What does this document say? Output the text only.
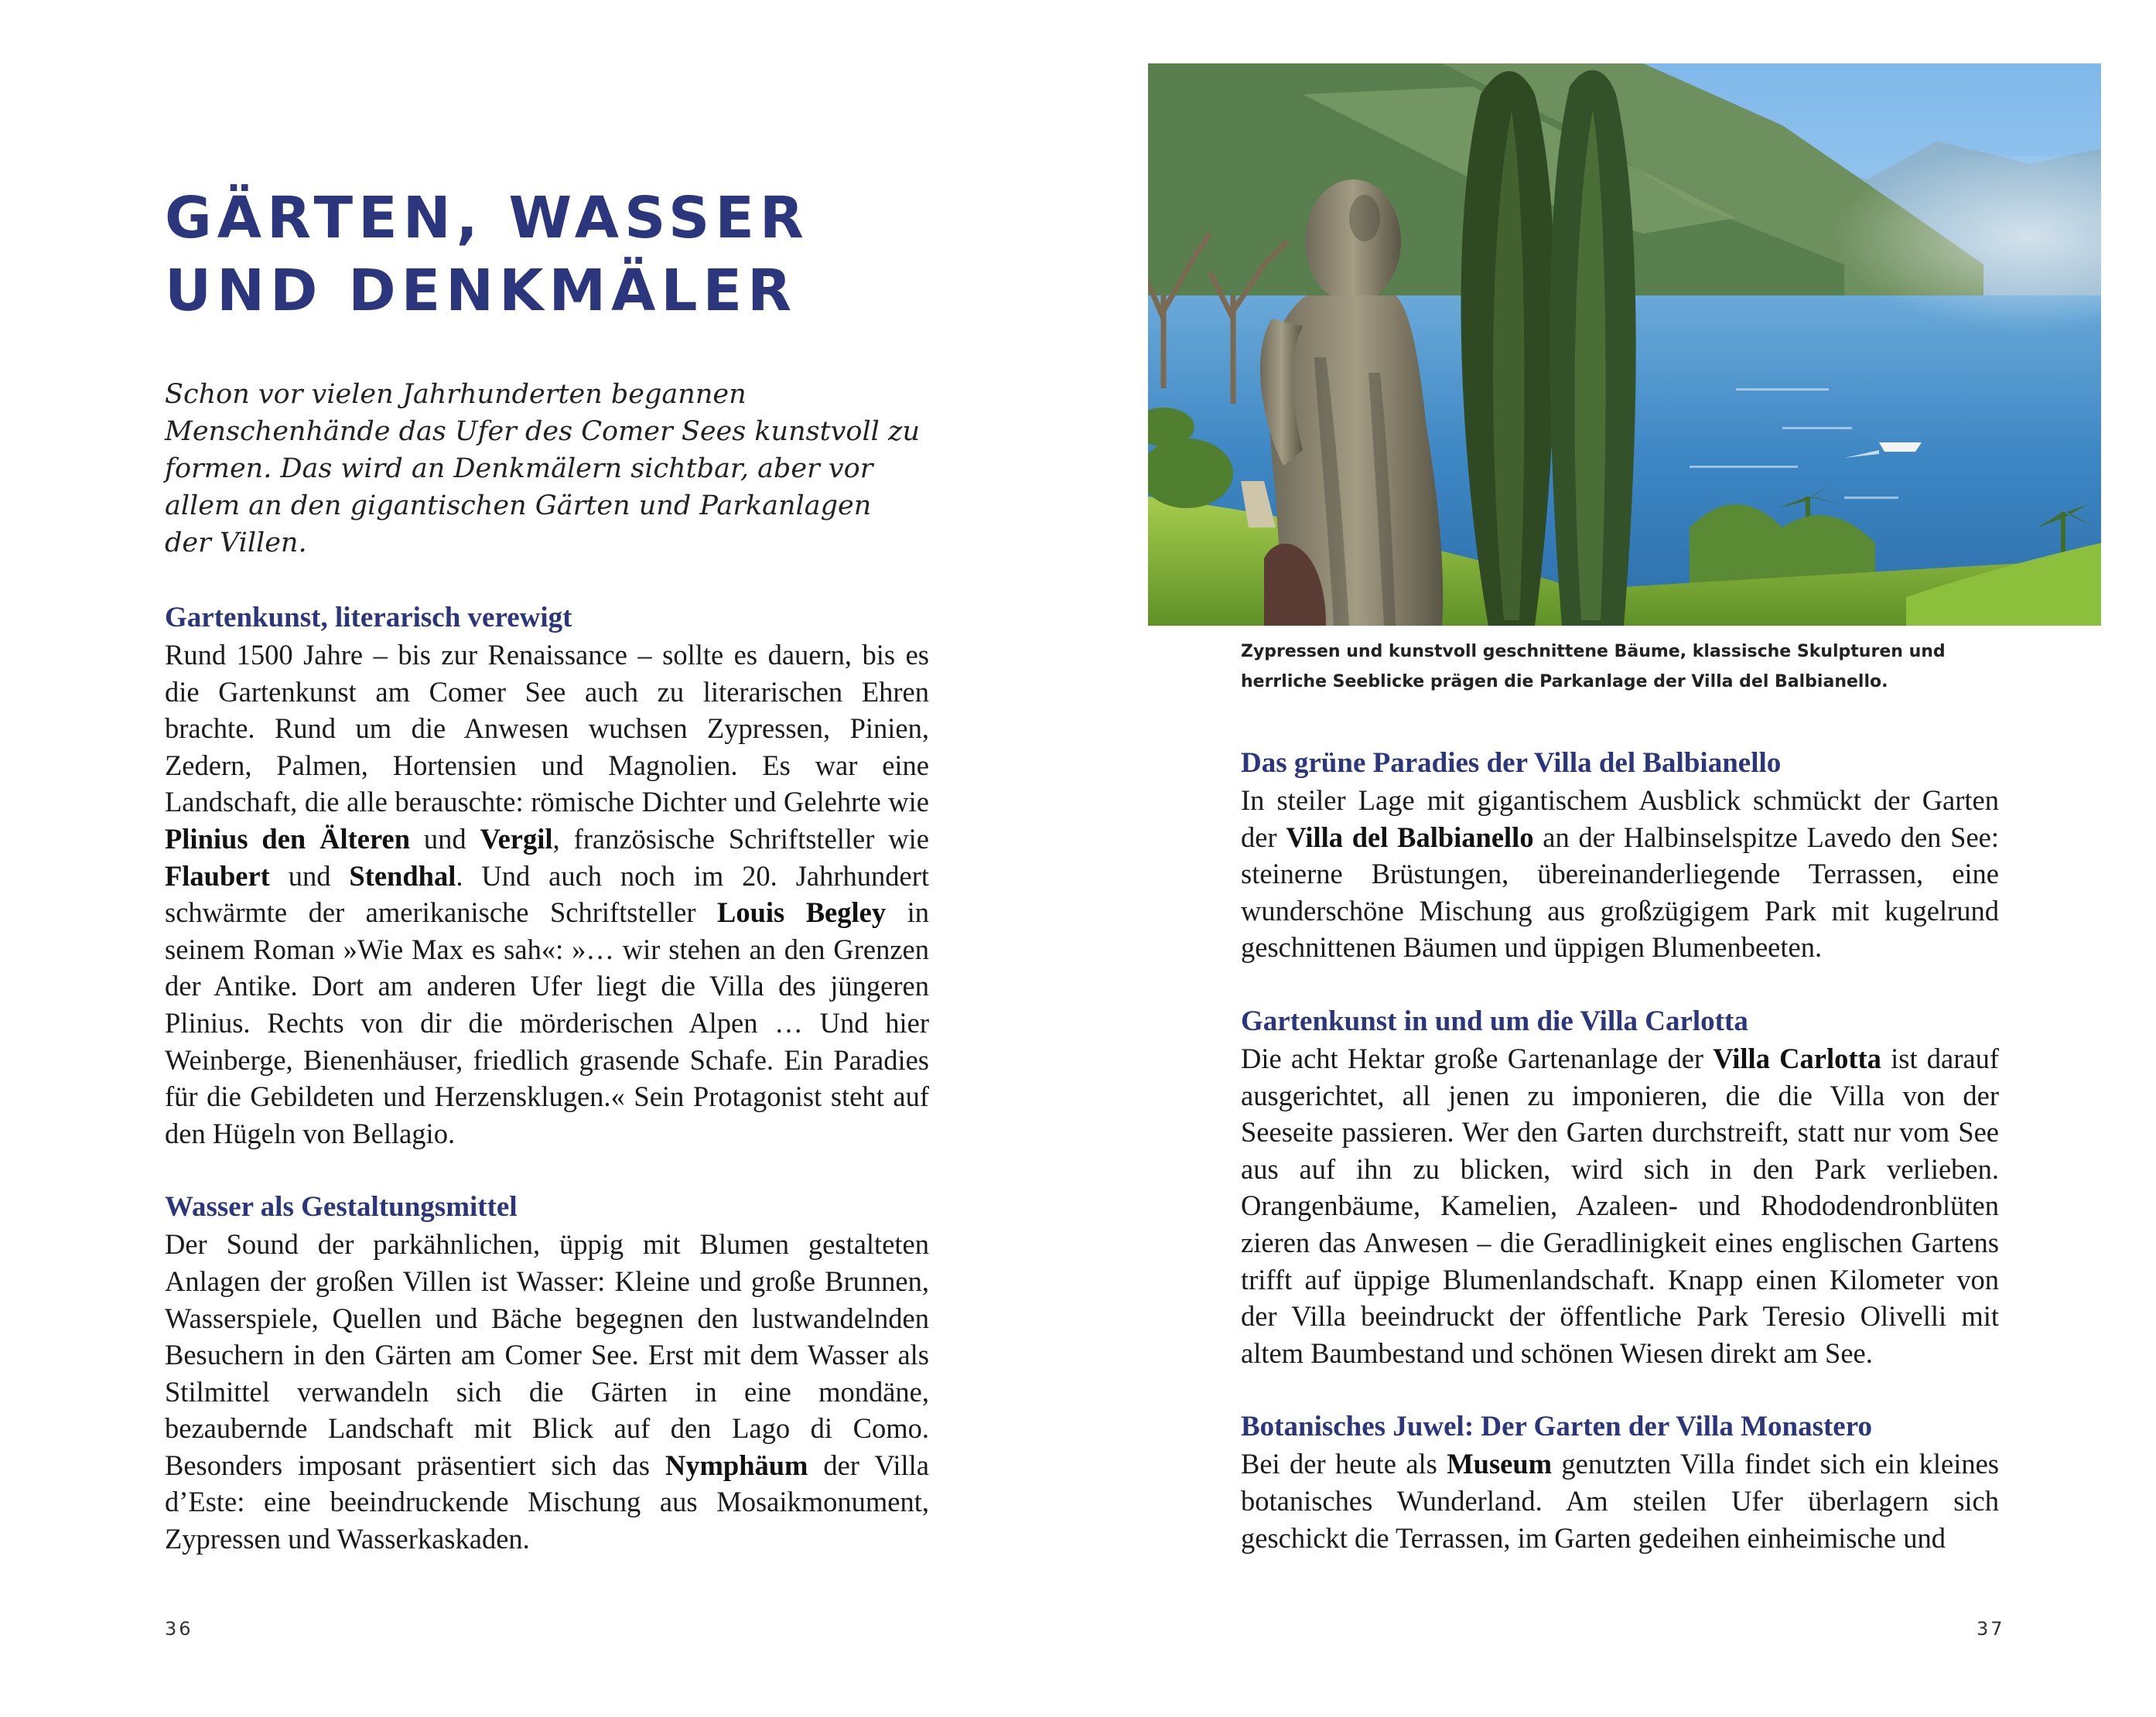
GÄRTEN, WASSER UND DENKMÄLER

Schon vor vielen Jahrhunderten begannen Menschenhände das Ufer des Comer Sees kunstvoll zu formen. Das wird an Denkmälern sichtbar, aber vor allem an den gigantischen Gärten und Parkanlagen der Villen.

Gartenkunst, literarisch verewigt

Rund 1500 Jahre – bis zur Renaissance – sollte es dauern, bis es die Gartenkunst am Comer See auch zu literarischen Ehren brachte. Rund um die Anwesen wuchsen Zypressen, Pinien, Zedern, Palmen, Hortensien und Magnolien. Es war eine Landschaft, die alle berauschte: römische Dichter und Gelehrte wie Plinius den Älteren und Vergil, französische Schriftsteller wie Flaubert und Stendhal. Und auch noch im 20. Jahrhundert schwärmte der amerikanische Schriftsteller Louis Begley in seinem Roman »Wie Max es sah«: »… wir stehen an den Grenzen der Antike. Dort am anderen Ufer liegt die Villa des jüngeren Plinius. Rechts von dir die mörderischen Alpen … Und hier Weinberge, Bienenhäuser, friedlich grasende Schafe. Ein Paradies für die Gebildeten und Herzensklugen.« Sein Protagonist steht auf den Hügeln von Bellagio.

Wasser als Gestaltungsmittel

Der Sound der parkähnlichen, üppig mit Blumen gestalteten Anlagen der großen Villen ist Wasser: Kleine und große Brunnen, Wasserspiele, Quellen und Bäche begegnen den lustwandelnden Besuchern in den Gärten am Comer See. Erst mit dem Wasser als Stilmittel verwandeln sich die Gärten in eine mondäne, bezaubernde Landschaft mit Blick auf den Lago di Como. Besonders imposant präsentiert sich das Nymphäum der Villa d’Este: eine beeindruckende Mischung aus Mosaikmonument, Zypressen und Wasserkaskaden.

36

Zypressen und kunstvoll geschnittene Bäume, klassische Skulpturen und herrliche Seeblicke prägen die Parkanlage der Villa del Balbianello.

Das grüne Paradies der Villa del Balbianello

In steiler Lage mit gigantischem Ausblick schmückt der Garten der Villa del Balbianello an der Halbinselspitze Lavedo den See: steinerne Brüstungen, übereinanderliegende Terrassen, eine wunderschöne Mischung aus großzügigem Park mit kugelrund geschnittenen Bäumen und üppigen Blumenbeeten.

Gartenkunst in und um die Villa Carlotta

Die acht Hektar große Gartenanlage der Villa Carlotta ist darauf ausgerichtet, all jenen zu imponieren, die die Villa von der Seeseite passieren. Wer den Garten durchstreift, statt nur vom See aus auf ihn zu blicken, wird sich in den Park verlieben. Orangenbäume, Kamelien, Azaleen- und Rhododendronblüten zieren das Anwesen – die Geradlinigkeit eines englischen Gartens trifft auf üppige Blumenlandschaft. Knapp einen Kilometer von der Villa beeindruckt der öffentliche Park Teresio Olivelli mit altem Baumbestand und schönen Wiesen direkt am See.

Botanisches Juwel: Der Garten der Villa Monastero

Bei der heute als Museum genutzten Villa findet sich ein kleines botanisches Wunderland. Am steilen Ufer überlagern sich geschickt die Terrassen, im Garten gedeihen einheimische und

37
